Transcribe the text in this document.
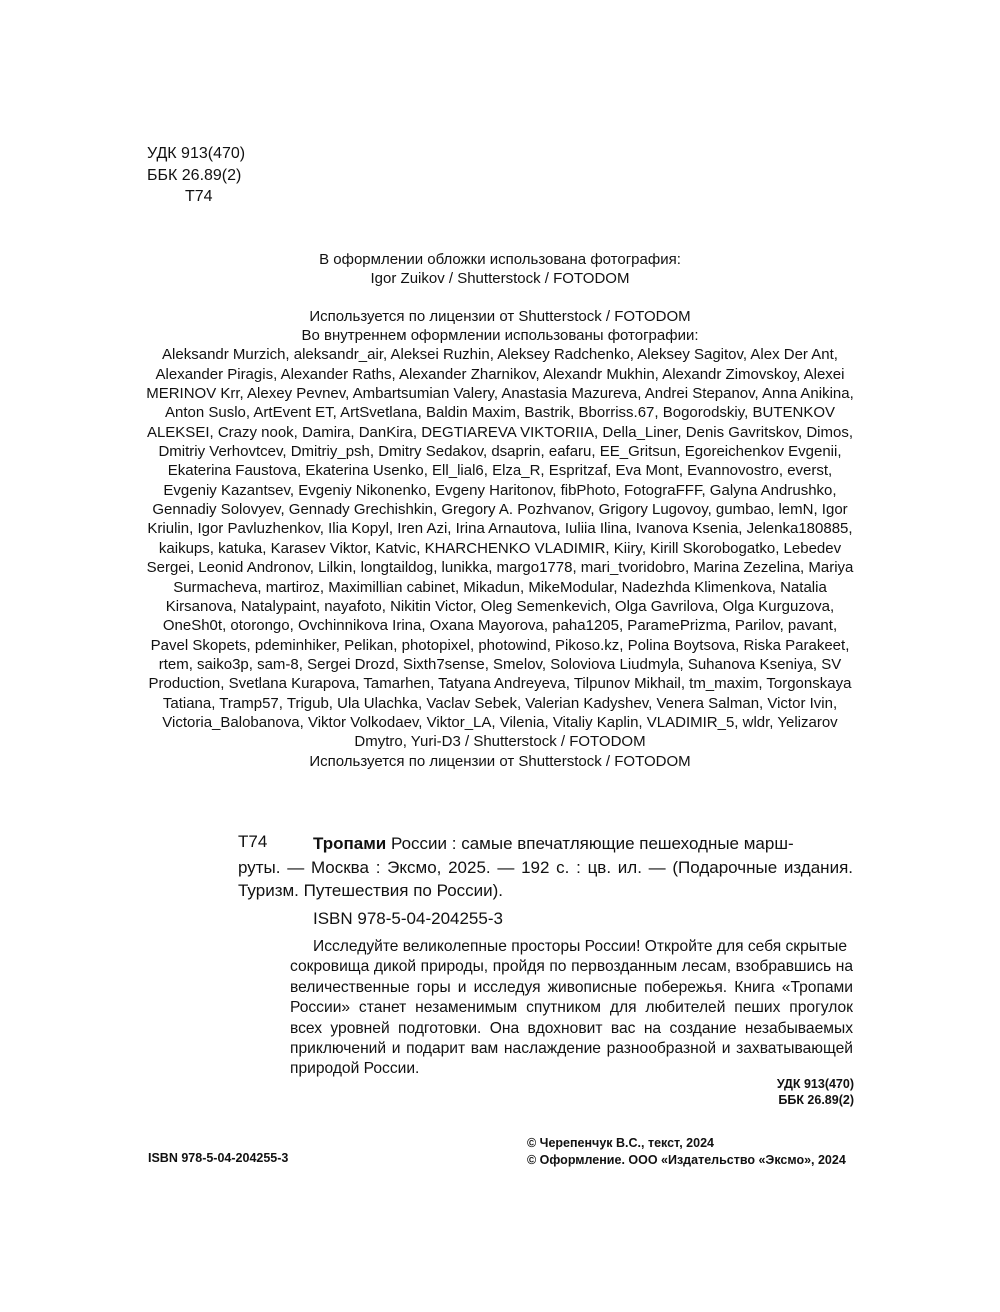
УДК 913(470)
ББК 26.89(2)
Т74

В оформлении обложки использована фотография:

Igor Zuikov / Shutterstock / FOTODOM

Используется по лицензии от Shutterstock / FOTODOM

Во внутреннем оформлении использованы фотографии:

Aleksandr Murzich, aleksandr_air, Aleksei Ruzhin, Aleksey Radchenko, Aleksey Sagitov, Alex Der Ant, Alexander Piragis, Alexander Raths, Alexander Zharnikov, Alexandr Mukhin, Alexandr Zimovskoy, Alexei MERINOV Krr, Alexey Pevnev, Ambartsumian Valery, Anastasia Mazureva, Andrei Stepanov, Anna Anikina, Anton Suslo, ArtEvent ET, ArtSvetlana, Baldin Maxim, Bastrik, Bborriss.67, Bogorodskiy, BUTENKOV ALEKSEI, Crazy nook, Damira, DanKira, DEGTIAREVA VIKTORIIA, Della_Liner, Denis Gavritskov, Dimos, Dmitriy Verhovtcev, Dmitriy_psh, Dmitry Sedakov, dsaprin, eafaru, EE_Gritsun, Egoreichenkov Evgenii, Ekaterina Faustova, Ekaterina Usenko, Ell_lial6, Elza_R, Espritzaf, Eva Mont, Evannovostro, everst, Evgeniy Kazantsev, Evgeniy Nikonenko, Evgeny Haritonov, fibPhoto, FotograFFF, Galyna Andrushko, Gennadiy Solovyev, Gennady Grechishkin, Gregory A. Pozhvanov, Grigory Lugovoy, gumbao, lemN, Igor Kriulin, Igor Pavluzhenkov, Ilia Kopyl, Iren Azi, Irina Arnautova, Iuliia Ilina, Ivanova Ksenia, Jelenka180885, kaikups, katuka, Karasev Viktor, Katvic, KHARCHENKO VLADIMIR, Kiiry, Kirill Skorobogatko, Lebedev Sergei, Leonid Andronov, Lilkin, longtaildog, lunikka, margo1778, mari_tvoridobro, Marina Zezelina, Mariya Surmacheva, martiroz, Maximillian cabinet, Mikadun, MikeModular, Nadezhda Klimenkova, Natalia Kirsanova, Natalypaint, nayafoto, Nikitin Victor, Oleg Semenkevich, Olga Gavrilova, Olga Kurguzova, OneSh0t, otorongo, Ovchinnikova Irina, Oxana Mayorova, paha1205, ParamePrizma, Parilov, pavant, Pavel Skopets, pdeminhiker, Pelikan, photopixel, photowind, Pikoso.kz, Polina Boytsova, Riska Parakeet, rtem, saiko3p, sam-8, Sergei Drozd, Sixth7sense, Smelov, Soloviova Liudmyla, Suhanova Kseniya, SV Production, Svetlana Kurapova, Tamarhen, Tatyana Andreyeva, Tilpunov Mikhail, tm_maxim, Torgonskaya Tatiana, Tramp57, Trigub, Ula Ulachka, Vaclav Sebek, Valerian Kadyshev, Venera Salman, Victor Ivin, Victoria_Balobanova, Viktor Volkodaev, Viktor_LA, Vilenia, Vitaliy Kaplin, VLADIMIR_5, wldr, Yelizarov Dmytro, Yuri-D3 / Shutterstock / FOTODOM

Используется по лицензии от Shutterstock / FOTODOM

Т74	Тропами России : самые впечатляющие пешеходные марш-
руты. — Москва : Эксмо, 2025. — 192 с. : цв. ил. — (Подарочные издания. Туризм. Путешествия по России).
ISBN 978-5-04-204255-3
Исследуйте великолепные просторы России! Откройте для себя скрытые
сокровища дикой природы, пройдя по первозданным лесам, взобравшись на величественные горы и исследуя живописные побережья. Книга «Тропами России» станет незаменимым спутником для любителей пеших прогулок всех уровней подготовки. Она вдохновит вас на создание незабываемых приключений и подарит вам наслаждение разнообразной и захватывающей природой России.
УДК 913(470)
ББК 26.89(2)
© Черепенчук В.С., текст, 2024
© Оформление. ООО «Издательство «Эксмо», 2024
ISBN 978-5-04-204255-3
